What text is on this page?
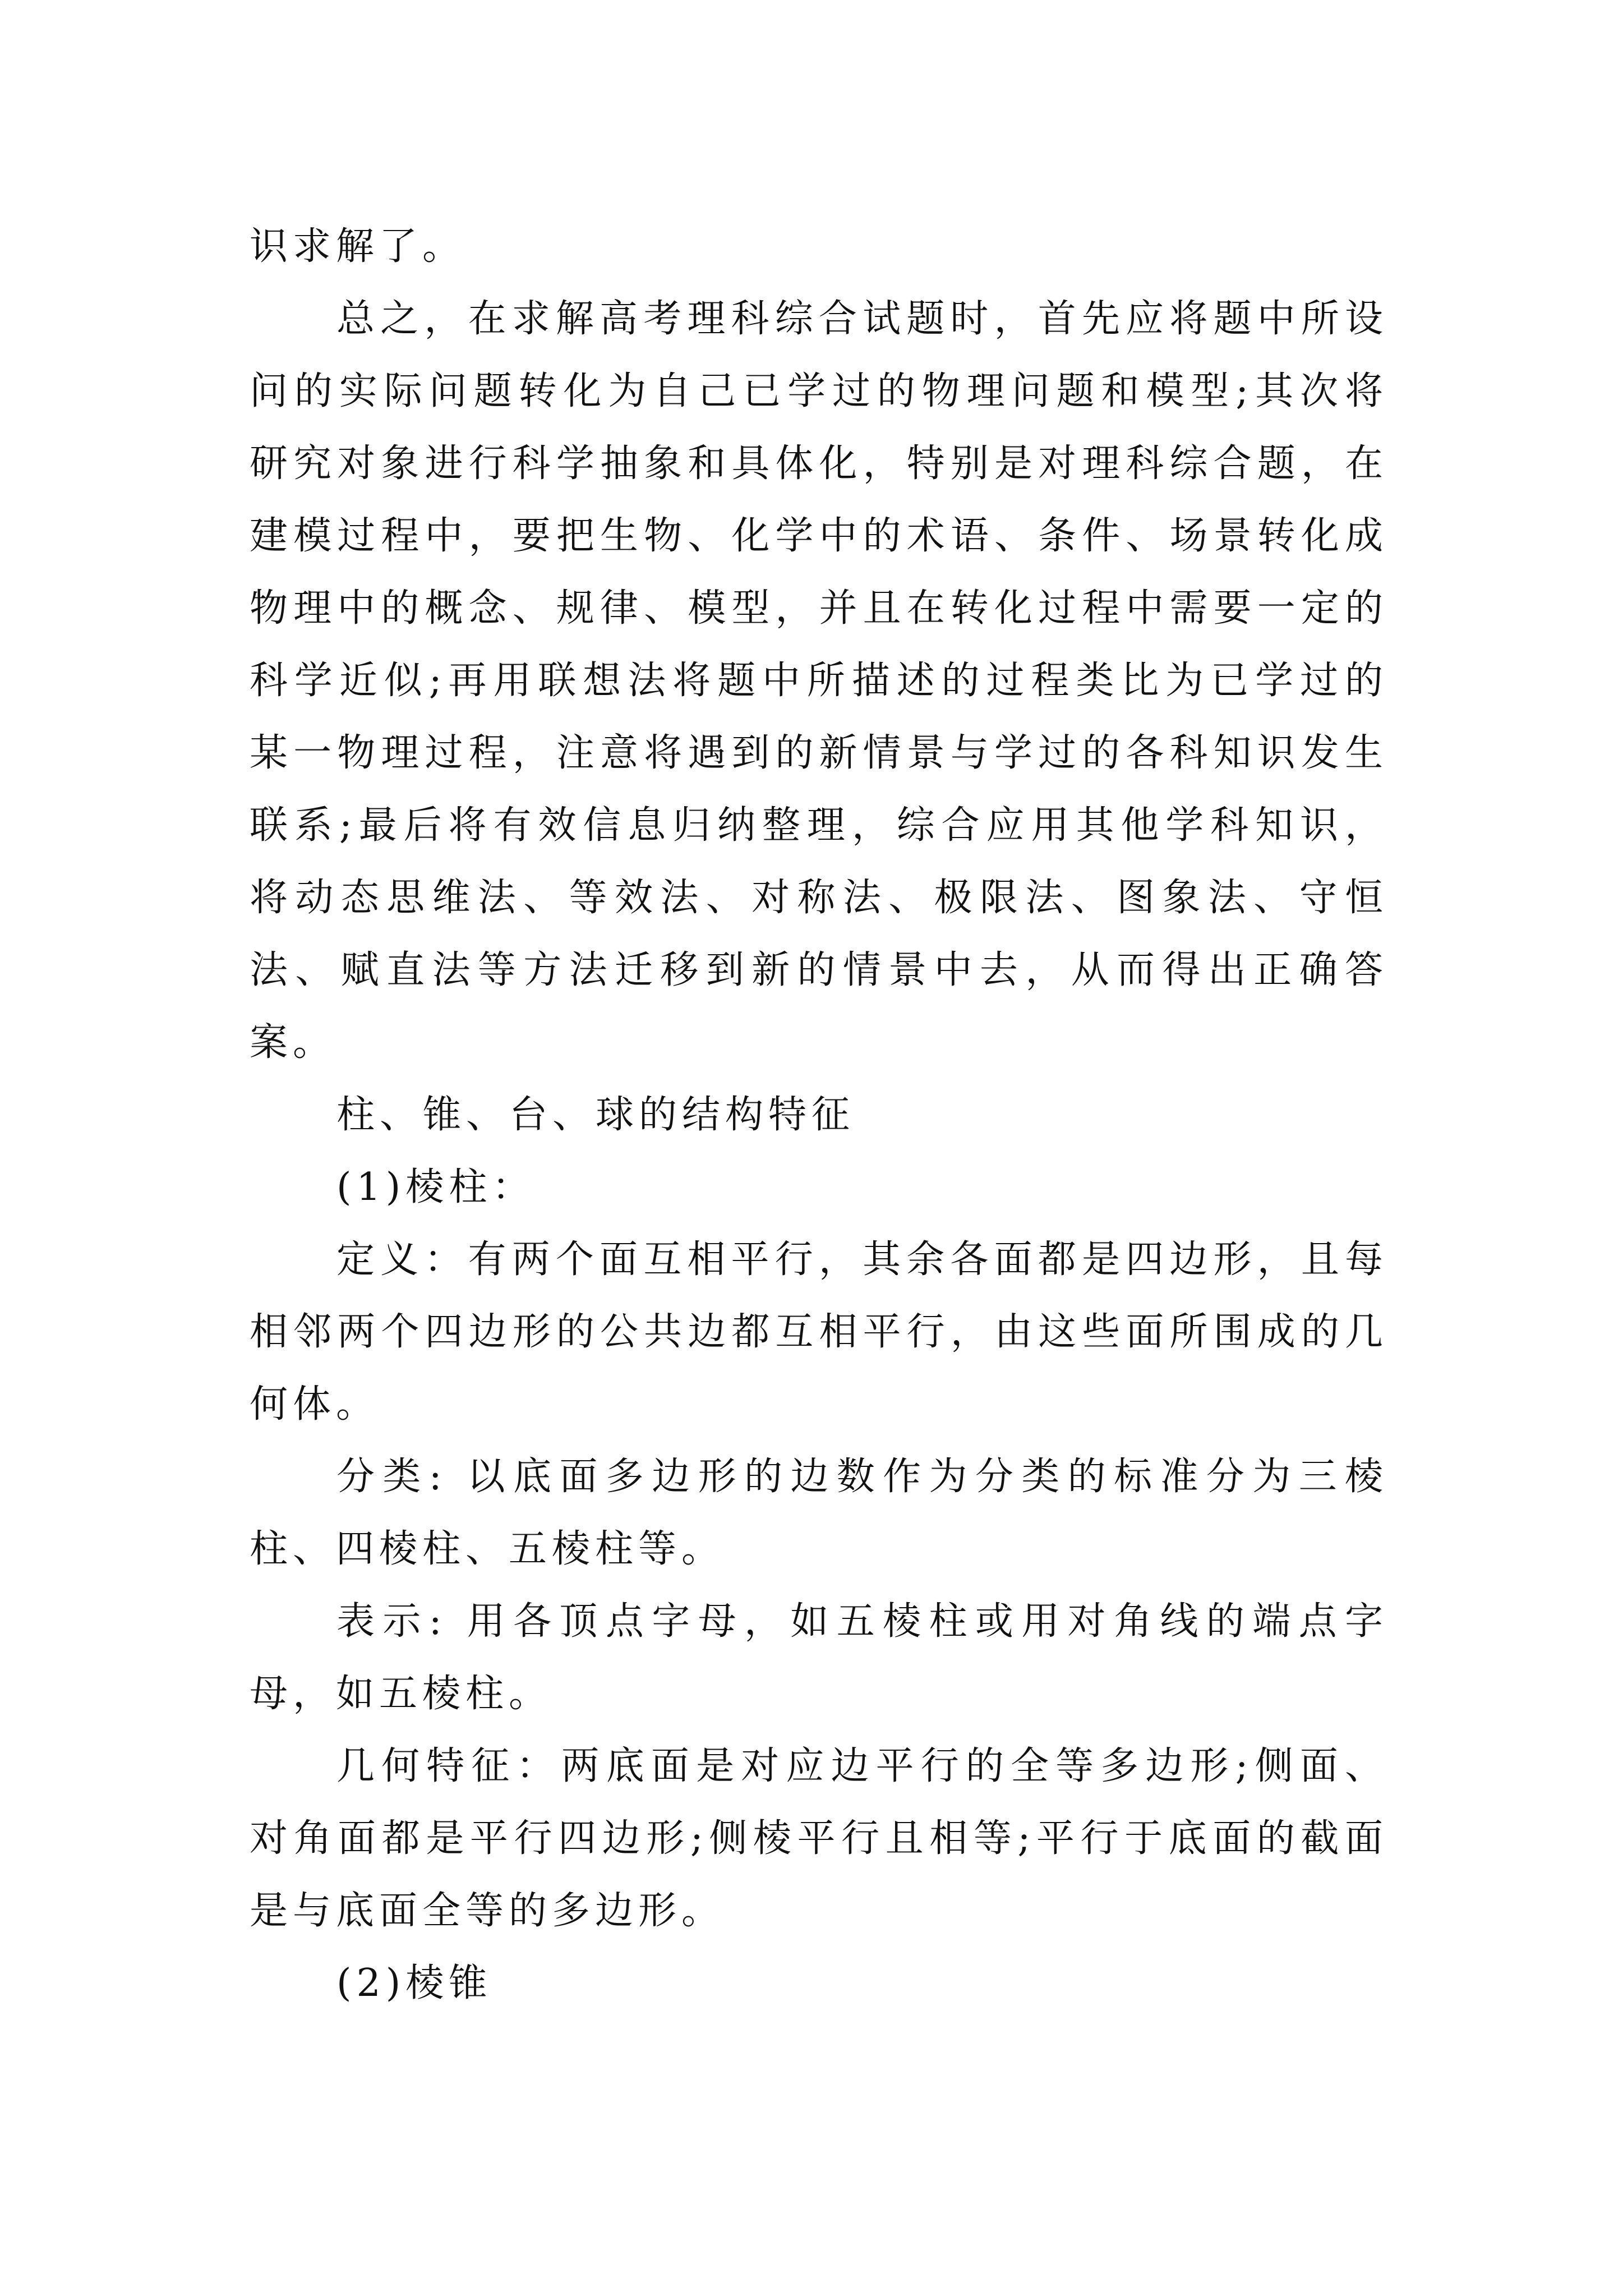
识求解了。

总之，在求解高考理科综合试题时，首先应将题中所设问的实际问题转化为自己已学过的物理问题和模型;其次将研究对象进行科学抽象和具体化，特别是对理科综合题，在建模过程中，要把生物、化学中的术语、条件、场景转化成物理中的概念、规律、模型，并且在转化过程中需要一定的科学近似;再用联想法将题中所描述的过程类比为已学过的某一物理过程，注意将遇到的新情景与学过的各科知识发生联系;最后将有效信息归纳整理，综合应用其他学科知识，将动态思维法、等效法、对称法、极限法、图象法、守恒法、赋直法等方法迁移到新的情景中去，从而得出正确答案。

柱、锥、台、球的结构特征

(1)棱柱：

定义：有两个面互相平行，其余各面都是四边形，且每相邻两个四边形的公共边都互相平行，由这些面所围成的几何体。

分类: 以底面多边形的边数作为分类的标准分为三棱柱、四棱柱、五棱柱等。

表示: 用各顶点字母，如五棱柱或用对角线的端点字母，如五棱柱。

几何特征：两底面是对应边平行的全等多边形;侧面、对角面都是平行四边形;侧棱平行且相等;平行于底面的截面是与底面全等的多边形。

(2)棱锥
